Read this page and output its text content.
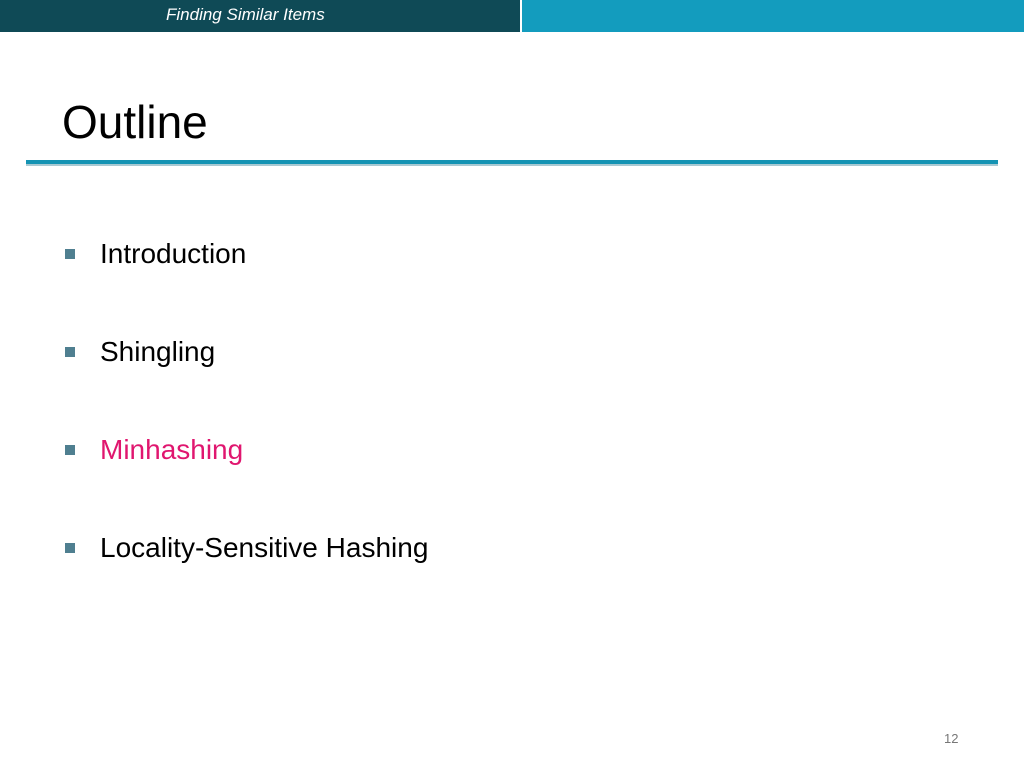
Finding Similar Items
Outline
Introduction
Shingling
Minhashing
Locality-Sensitive Hashing
12
